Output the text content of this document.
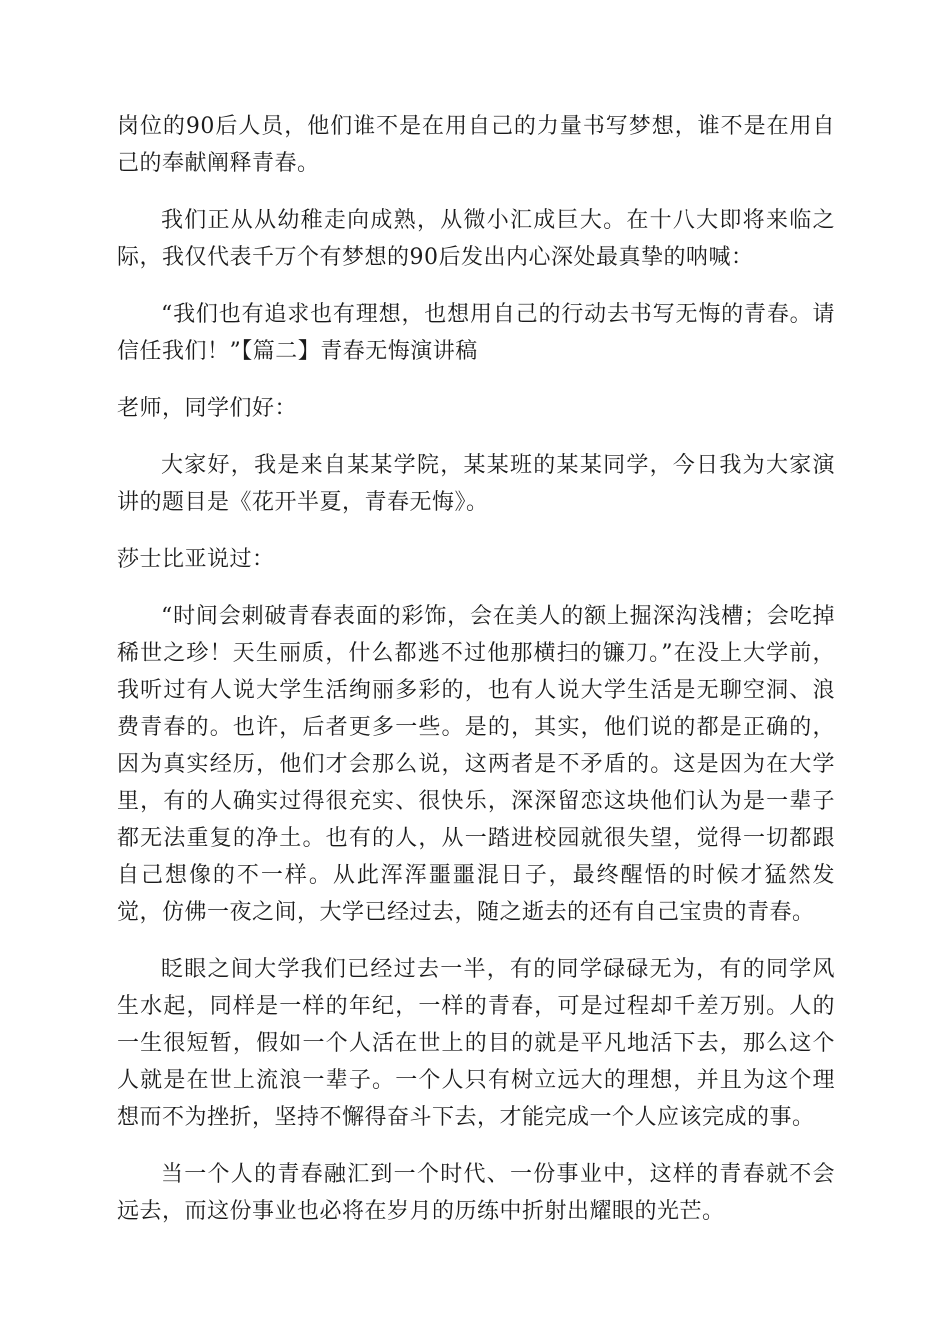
岗位的90后人员，他们谁不是在用自己的力量书写梦想，谁不是在用自己的奉献阐释青春。

我们正从从幼稚走向成熟，从微小汇成巨大。在十八大即将来临之际，我仅代表千万个有梦想的90后发出内心深处最真挚的呐喊：

“我们也有追求也有理想，也想用自己的行动去书写无悔的青春。请信任我们！”【篇二】青春无悔演讲稿

老师，同学们好：

大家好，我是来自某某学院，某某班的某某同学，今日我为大家演讲的题目是《花开半夏，青春无悔》。

莎士比亚说过：

“时间会刺破青春表面的彩饰，会在美人的额上掘深沟浅槽；会吃掉稀世之珍！天生丽质，什么都逃不过他那横扫的镰刀。”在没上大学前，我听过有人说大学生活绚丽多彩的，也有人说大学生活是无聊空洞、浪费青春的。也许，后者更多一些。是的，其实，他们说的都是正确的，因为真实经历，他们才会那么说，这两者是不矛盾的。这是因为在大学里，有的人确实过得很充实、很快乐，深深留恋这块他们认为是一辈子都无法重复的净土。也有的人，从一踏进校园就很失望，觉得一切都跟自己想像的不一样。从此浑浑噩噩混日子，最终醒悟的时候才猛然发觉，仿佛一夜之间，大学已经过去，随之逝去的还有自己宝贵的青春。

眨眼之间大学我们已经过去一半，有的同学碌碌无为，有的同学风生水起，同样是一样的年纪，一样的青春，可是过程却千差万别。人的一生很短暂，假如一个人活在世上的目的就是平凡地活下去，那么这个人就是在世上流浪一辈子。一个人只有树立远大的理想，并且为这个理想而不为挫折，坚持不懈得奋斗下去，才能完成一个人应该完成的事。

当一个人的青春融汇到一个时代、一份事业中，这样的青春就不会远去，而这份事业也必将在岁月的历练中折射出耀眼的光芒。
